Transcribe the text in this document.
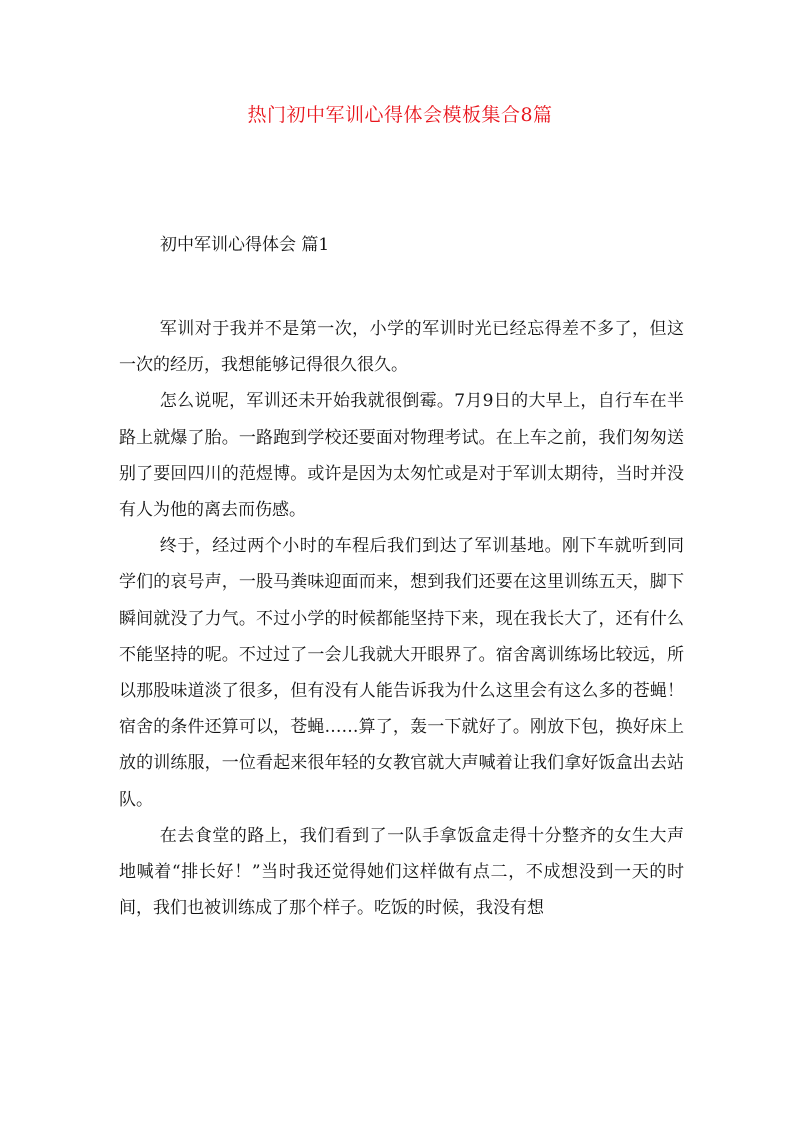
热门初中军训心得体会模板集合8篇
初中军训心得体会 篇1

军训对于我并不是第一次，小学的军训时光已经忘得差不多了，但这一次的经历，我想能够记得很久很久。

怎么说呢，军训还未开始我就很倒霉。7月9日的大早上，自行车在半路上就爆了胎。一路跑到学校还要面对物理考试。在上车之前，我们匆匆送别了要回四川的范煜博。或许是因为太匆忙或是对于军训太期待，当时并没有人为他的离去而伤感。

终于，经过两个小时的车程后我们到达了军训基地。刚下车就听到同学们的哀号声，一股马粪味迎面而来，想到我们还要在这里训练五天，脚下瞬间就没了力气。不过小学的时候都能坚持下来，现在我长大了，还有什么不能坚持的呢。不过过了一会儿我就大开眼界了。宿舍离训练场比较远，所以那股味道淡了很多，但有没有人能告诉我为什么这里会有这么多的苍蝇！宿舍的条件还算可以，苍蝇……算了，轰一下就好了。刚放下包，换好床上放的训练服，一位看起来很年轻的女教官就大声喊着让我们拿好饭盒出去站队。

在去食堂的路上，我们看到了一队手拿饭盒走得十分整齐的女生大声地喊着“排长好！”当时我还觉得她们这样做有点二，不成想没到一天的时间，我们也被训练成了那个样子。吃饭的时候，我没有想
